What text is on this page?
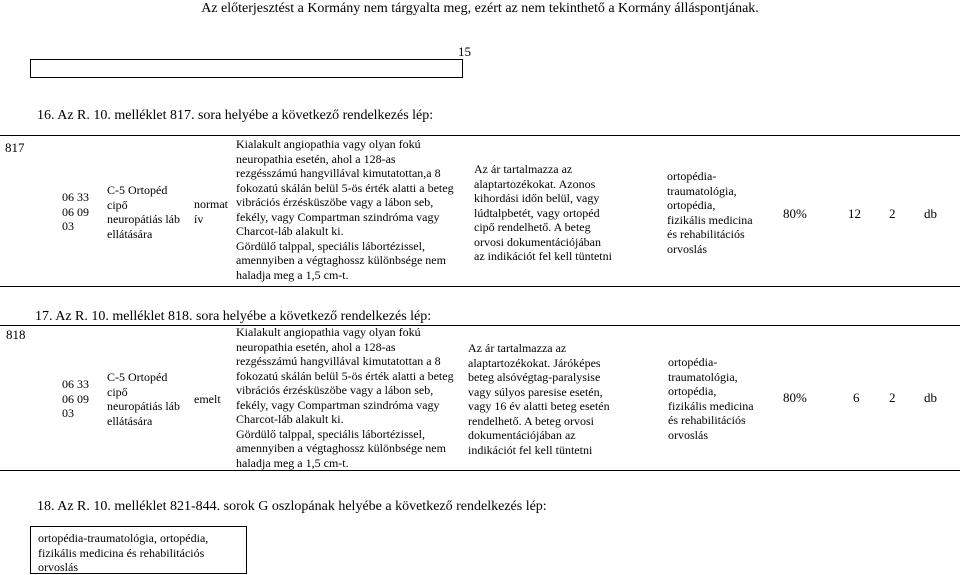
Az előterjesztést a Kormány nem tárgyalta meg, ezért az nem tekinthető a Kormány álláspontjának.
15
16. Az R. 10. melléklet 817. sora helyébe a következő rendelkezés lép:
817
06 33
06 09
03
C-5 Ortopéd
cipő
neuropátiás láb
ellátására
normat
ív
Kialakult angiopathia vagy olyan fokú
neuropathia esetén, ahol a 128-as
rezgésszámú hangvillával kimutatottan,a 8
fokozatú skálán belül 5-ös érték alatti a beteg
vibrációs érzésküszöbe vagy a lábon seb,
fekély, vagy Compartman szindróma vagy
Charcot-láb alakult ki.
Gördülő talppal, speciális lábortézissel,
amennyiben a végtaghossz különbsége nem
haladja meg a 1,5 cm-t.
Az ár tartalmazza az
alaptartozékokat. Azonos
kihordási időn belül, vagy
lúdtalpbetét, vagy ortopéd
cipő rendelhető. A beteg
orvosi dokumentációjában
az indikációt fel kell tüntetni
ortopédia-
traumatológia,
ortopédia,
fizikális medicina
és rehabilitációs
orvoslás
80%	12 2 db
17. Az R. 10. melléklet 818. sora helyébe a következő rendelkezés lép:
818
06 33
06 09
03
C-5 Ortopéd
cipő
neuropátiás láb
ellátására
emelt
Kialakult angiopathia vagy olyan fokú
neuropathia esetén, ahol a 128-as
rezgésszámú hangvillával kimutatottan a 8
fokozatú skálán belül 5-ös érték alatti a beteg
vibrációs érzésküszöbe vagy a lábon seb,
fekély, vagy Compartman szindróma vagy
Charcot-láb alakult ki.
Gördülő talppal, speciális lábortézissel,
amennyiben a végtaghossz különbsége nem
haladja meg a 1,5 cm-t.
Az ár tartalmazza az
alaptartozékokat. Járóképes
beteg alsóvégtag-paralysise
vagy súlyos paresise esetén,
vagy 16 év alatti beteg esetén
rendelhető. A beteg orvosi
dokumentációjában az
indikációt fel kell tüntetni
ortopédia-
traumatológia,
ortopédia,
fizikális medicina
és rehabilitációs
orvoslás
80%	6 2 db
18. Az R. 10. melléklet 821-844. sorok G oszlopának helyébe a következő rendelkezés lép:
ortopédia-traumatológia, ortopédia,
fizikális medicina és rehabilitációs
orvoslás
